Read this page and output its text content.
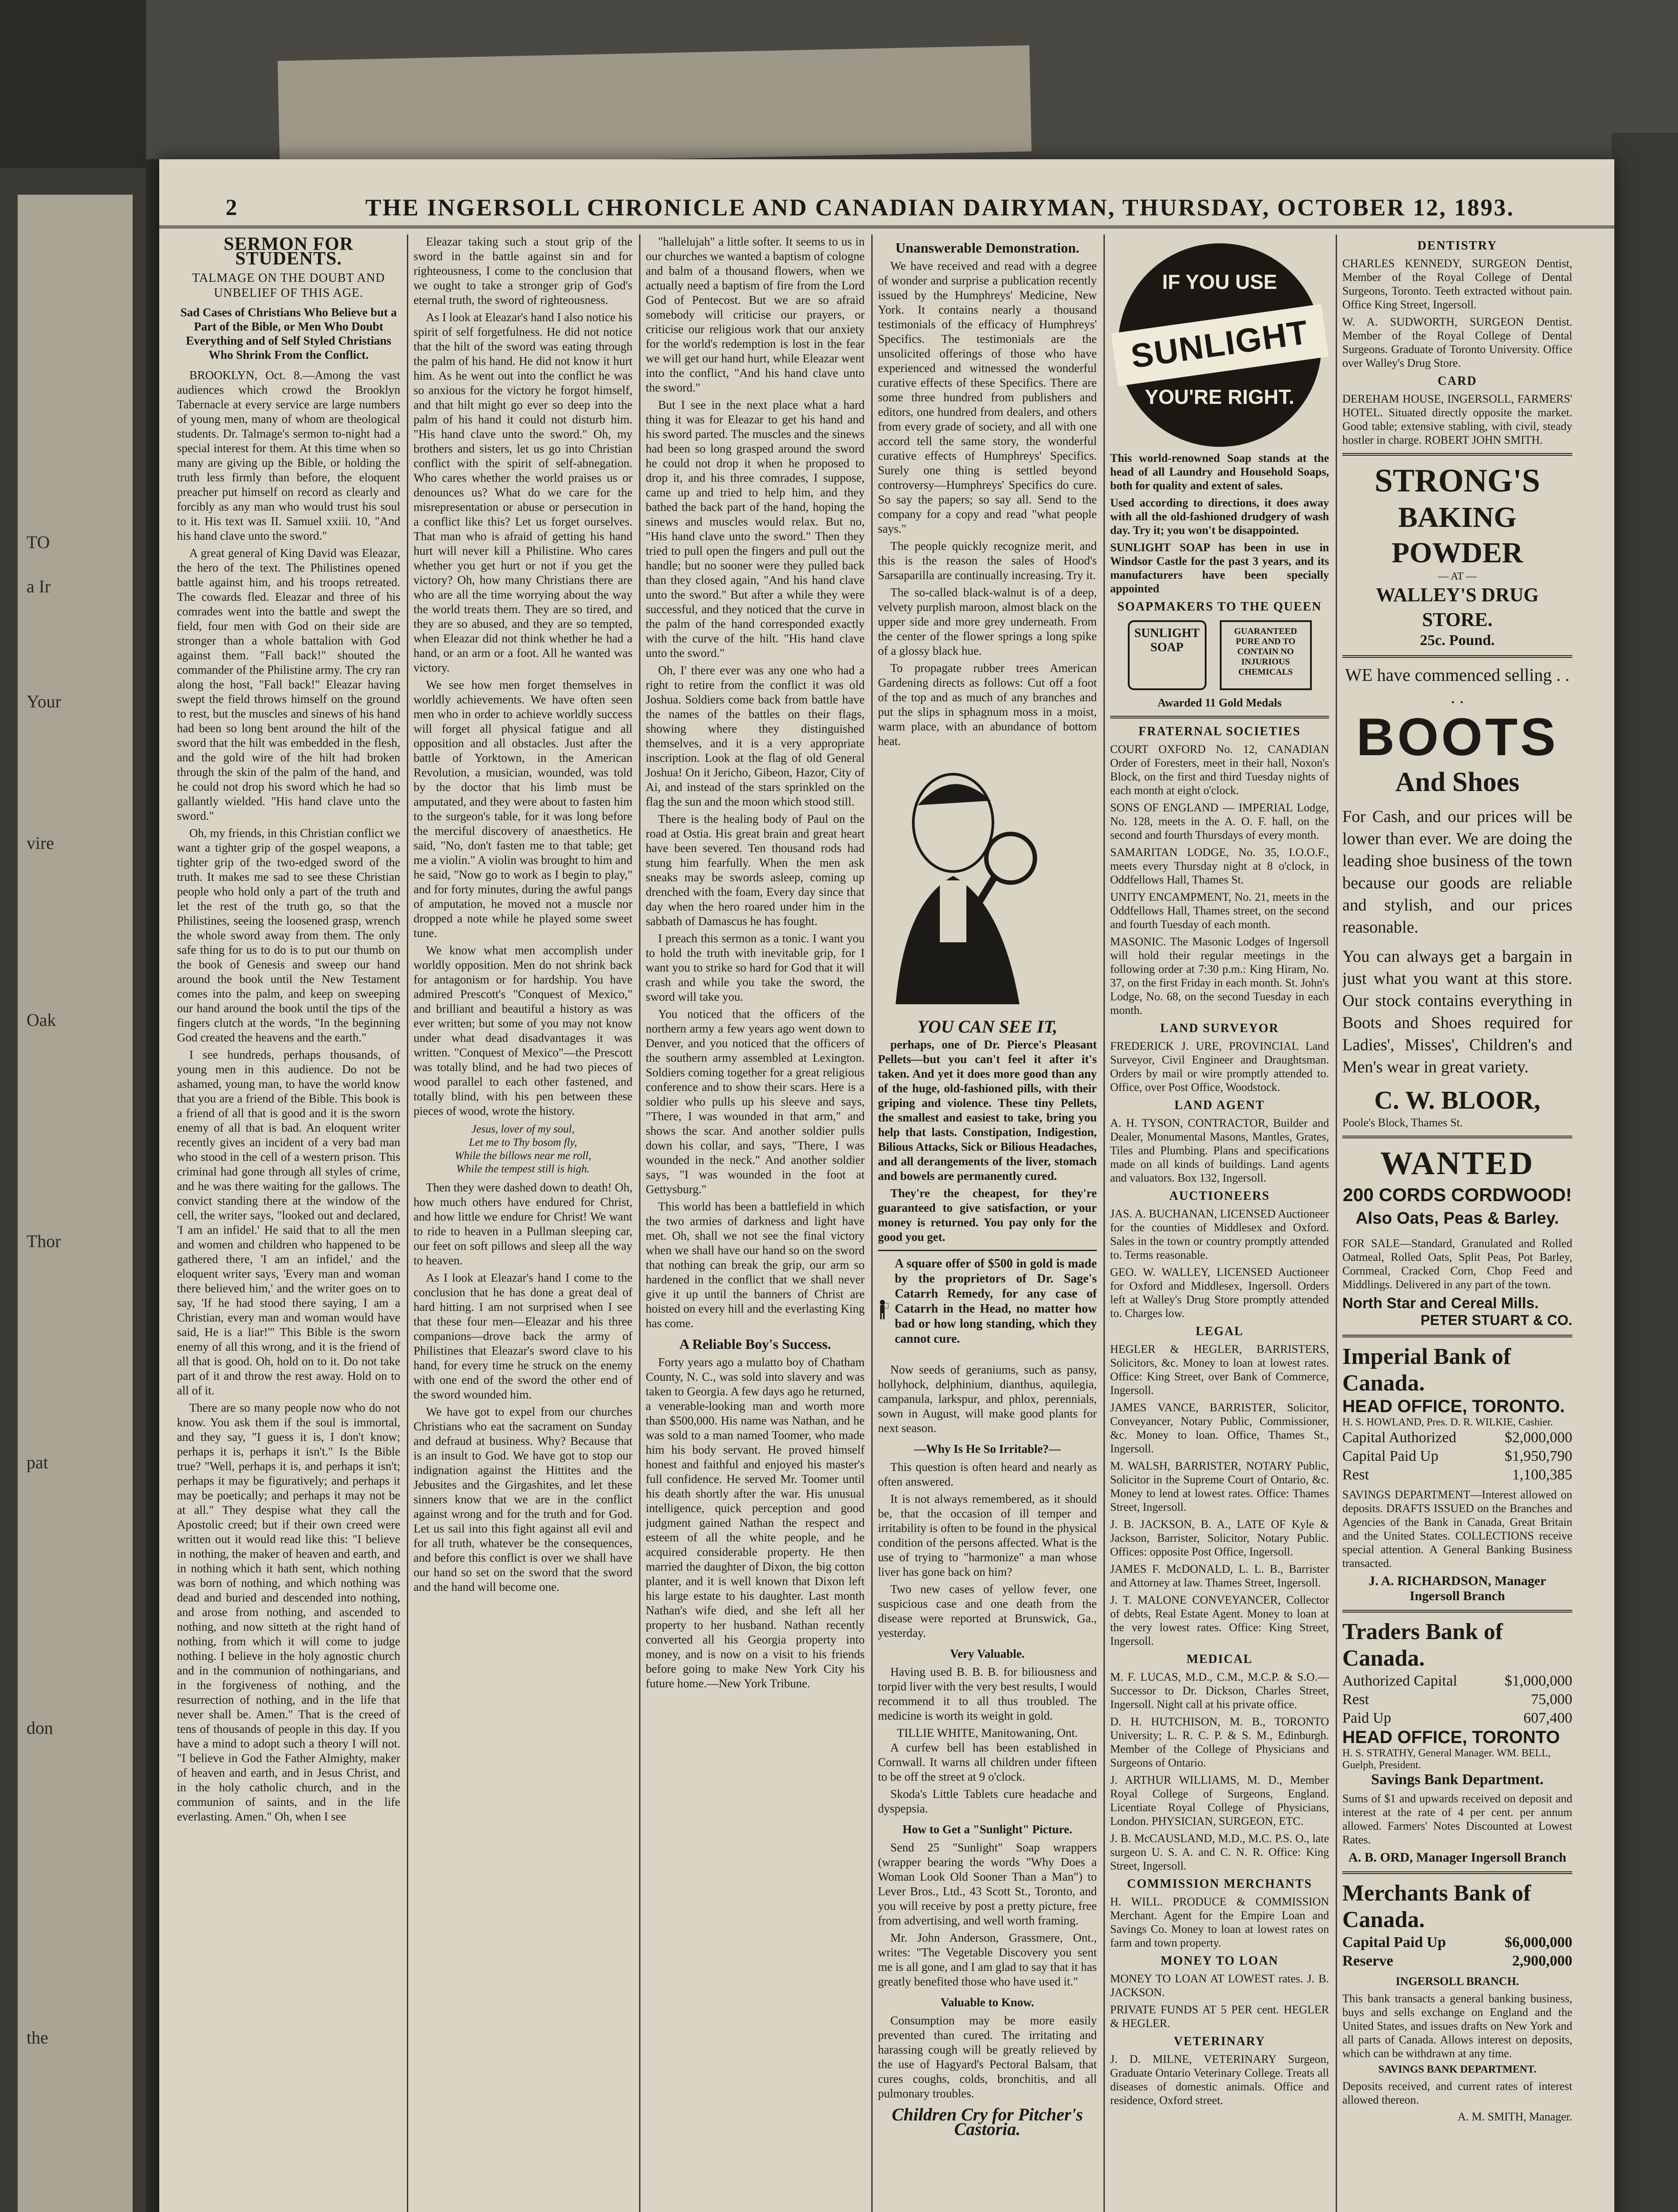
TO
a Ir
Your
vire
Oak
Thor
pat
don
the
2	THE INGERSOLL CHRONICLE AND CANADIAN DAIRYMAN, THURSDAY, OCTOBER 12, 1893.
SERMON FOR STUDENTS.
TALMAGE ON THE DOUBT AND UNBELIEF OF THIS AGE.
Sad Cases of Christians Who Believe but a Part of the Bible, or Men Who Doubt Everything and of Self Styled Christians Who Shrink From the Conflict.

BROOKLYN, Oct. 8.—Among the vast audiences which crowd the Brooklyn Tabernacle at every service are large numbers of young men, many of whom are theological students. Dr. Talmage's sermon to-night had a special interest for them. At this time when so many are giving up the Bible, or holding the truth less firmly than before, the eloquent preacher put himself on record as clearly and forcibly as any man who would trust his soul to it. His text was II. Samuel xxiii. 10, "And his hand clave unto the sword."

A great general of King David was Eleazar, the hero of the text. The Philistines opened battle against him, and his troops retreated. The cowards fled. Eleazar and three of his comrades went into the battle and swept the field, four men with God on their side are stronger than a whole battalion with God against them. "Fall back!" shouted the commander of the Philistine army. The cry ran along the host, "Fall back!" Eleazar having swept the field throws himself on the ground to rest, but the muscles and sinews of his hand had been so long bent around the hilt of the sword that the hilt was embedded in the flesh, and the gold wire of the hilt had broken through the skin of the palm of the hand, and he could not drop his sword which he had so gallantly wielded. "His hand clave unto the sword."

Oh, my friends, in this Christian conflict we want a tighter grip of the gospel weapons, a tighter grip of the two-edged sword of the truth. It makes me sad to see these Christian people who hold only a part of the truth and let the rest of the truth go, so that the Philistines, seeing the loosened grasp, wrench the whole sword away from them. The only safe thing for us to do is to put our thumb on the book of Genesis and sweep our hand around the book until the New Testament comes into the palm, and keep on sweeping our hand around the book until the tips of the fingers clutch at the words, "In the beginning God created the heavens and the earth."

I see hundreds, perhaps thousands, of young men in this audience. Do not be ashamed, young man, to have the world know that you are a friend of the Bible. This book is a friend of all that is good and it is the sworn enemy of all that is bad. An eloquent writer recently gives an incident of a very bad man who stood in the cell of a western prison. This criminal had gone through all styles of crime, and he was there waiting for the gallows. The convict standing there at the window of the cell, the writer says, "looked out and declared, 'I am an infidel.' He said that to all the men and women and children who happened to be gathered there, 'I am an infidel,' and the eloquent writer says, 'Every man and woman there believed him,' and the writer goes on to say, 'If he had stood there saying, I am a Christian, every man and woman would have said, He is a liar!'" This Bible is the sworn enemy of all this wrong, and it is the friend of all that is good. Oh, hold on to it. Do not take part of it and throw the rest away. Hold on to all of it.

There are so many people now who do not know. You ask them if the soul is immortal, and they say, "I guess it is, I don't know; perhaps it is, perhaps it isn't." Is the Bible true? "Well, perhaps it is, and perhaps it isn't; perhaps it may be figuratively; and perhaps it may be poetically; and perhaps it may not be at all." They despise what they call the Apostolic creed; but if their own creed were written out it would read like this: "I believe in nothing, the maker of heaven and earth, and in nothing which it hath sent, which nothing was born of nothing, and which nothing was dead and buried and descended into nothing, and arose from nothing, and ascended to nothing, and now sitteth at the right hand of nothing, from which it will come to judge nothing. I believe in the holy agnostic church and in the communion of nothingarians, and in the forgiveness of nothing, and the resurrection of nothing, and in the life that never shall be. Amen." That is the creed of tens of thousands of people in this day. If you have a mind to adopt such a theory I will not. "I believe in God the Father Almighty, maker of heaven and earth, and in Jesus Christ, and in the holy catholic church, and in the communion of saints, and in the life everlasting. Amen." Oh, when I see

Eleazar taking such a stout grip of the sword in the battle against sin and for righteousness, I come to the conclusion that we ought to take a stronger grip of God's eternal truth, the sword of righteousness.

As I look at Eleazar's hand I also notice his spirit of self forgetfulness. He did not notice that the hilt of the sword was eating through the palm of his hand. He did not know it hurt him. As he went out into the conflict he was so anxious for the victory he forgot himself, and that hilt might go ever so deep into the palm of his hand it could not disturb him. "His hand clave unto the sword." Oh, my brothers and sisters, let us go into Christian conflict with the spirit of self-abnegation. Who cares whether the world praises us or denounces us? What do we care for the misrepresentation or abuse or persecution in a conflict like this? Let us forget ourselves. That man who is afraid of getting his hand hurt will never kill a Philistine. Who cares whether you get hurt or not if you get the victory? Oh, how many Christians there are who are all the time worrying about the way the world treats them. They are so tired, and they are so abused, and they are so tempted, when Eleazar did not think whether he had a hand, or an arm or a foot. All he wanted was victory.

We see how men forget themselves in worldly achievements. We have often seen men who in order to achieve worldly success will forget all physical fatigue and all opposition and all obstacles. Just after the battle of Yorktown, in the American Revolution, a musician, wounded, was told by the doctor that his limb must be amputated, and they were about to fasten him to the surgeon's table, for it was long before the merciful discovery of anaesthetics. He said, "No, don't fasten me to that table; get me a violin." A violin was brought to him and he said, "Now go to work as I begin to play," and for forty minutes, during the awful pangs of amputation, he moved not a muscle nor dropped a note while he played some sweet tune.

We know what men accomplish under worldly opposition. Men do not shrink back for antagonism or for hardship. You have admired Prescott's "Conquest of Mexico," and brilliant and beautiful a history as was ever written; but some of you may not know under what dead disadvantages it was written. "Conquest of Mexico"—the Prescott was totally blind, and he had two pieces of wood parallel to each other fastened, and totally blind, with his pen between these pieces of wood, wrote the history.

Jesus, lover of my soul,
Let me to Thy bosom fly,
While the billows near me roll,
While the tempest still is high.

Then they were dashed down to death! Oh, how much others have endured for Christ, and how little we endure for Christ! We want to ride to heaven in a Pullman sleeping car, our feet on soft pillows and sleep all the way to heaven.

As I look at Eleazar's hand I come to the conclusion that he has done a great deal of hard hitting. I am not surprised when I see that these four men—Eleazar and his three companions—drove back the army of Philistines that Eleazar's sword clave to his hand, for every time he struck on the enemy with one end of the sword the other end of the sword wounded him.

We have got to expel from our churches Christians who eat the sacrament on Sunday and defraud at business. Why? Because that is an insult to God. We have got to stop our indignation against the Hittites and the Jebusites and the Girgashites, and let these sinners know that we are in the conflict against wrong and for the truth and for God. Let us sail into this fight against all evil and for all truth, whatever be the consequences, and before this conflict is over we shall have our hand so set on the sword that the sword and the hand will become one.

"hallelujah" a little softer. It seems to us in our churches we wanted a baptism of cologne and balm of a thousand flowers, when we actually need a baptism of fire from the Lord God of Pentecost. But we are so afraid somebody will criticise our prayers, or criticise our religious work that our anxiety for the world's redemption is lost in the fear we will get our hand hurt, while Eleazar went into the conflict, "And his hand clave unto the sword."

But I see in the next place what a hard thing it was for Eleazar to get his hand and his sword parted. The muscles and the sinews had been so long grasped around the sword he could not drop it when he proposed to drop it, and his three comrades, I suppose, came up and tried to help him, and they bathed the back part of the hand, hoping the sinews and muscles would relax. But no, "His hand clave unto the sword." Then they tried to pull open the fingers and pull out the handle; but no sooner were they pulled back than they closed again, "And his hand clave unto the sword." But after a while they were successful, and they noticed that the curve in the palm of the hand corresponded exactly with the curve of the hilt. "His hand clave unto the sword."

Oh, I' there ever was any one who had a right to retire from the conflict it was old Joshua. Soldiers come back from battle have the names of the battles on their flags, showing where they distinguished themselves, and it is a very appropriate inscription. Look at the flag of old General Joshua! On it Jericho, Gibeon, Hazor, City of Ai, and instead of the stars sprinkled on the flag the sun and the moon which stood still.

There is the healing body of Paul on the road at Ostia. His great brain and great heart have been severed. Ten thousand rods had stung him fearfully. When the men ask sneaks may be swords asleep, coming up drenched with the foam, Every day since that day when the hero roared under him in the sabbath of Damascus he has fought.

I preach this sermon as a tonic. I want you to hold the truth with inevitable grip, for I want you to strike so hard for God that it will crash and while you take the sword, the sword will take you.

You noticed that the officers of the northern army a few years ago went down to Denver, and you noticed that the officers of the southern army assembled at Lexington. Soldiers coming together for a great religious conference and to show their scars. Here is a soldier who pulls up his sleeve and says, "There, I was wounded in that arm," and shows the scar. And another soldier pulls down his collar, and says, "There, I was wounded in the neck." And another soldier says, "I was wounded in the foot at Gettysburg."

This world has been a battlefield in which the two armies of darkness and light have met. Oh, shall we not see the final victory when we shall have our hand so on the sword that nothing can break the grip, our arm so hardened in the conflict that we shall never give it up until the banners of Christ are hoisted on every hill and the everlasting King has come.

A Reliable Boy's Success.

Forty years ago a mulatto boy of Chatham County, N. C., was sold into slavery and was taken to Georgia. A few days ago he returned, a venerable-looking man and worth more than $500,000. His name was Nathan, and he was sold to a man named Toomer, who made him his body servant. He proved himself honest and faithful and enjoyed his master's full confidence. He served Mr. Toomer until his death shortly after the war. His unusual intelligence, quick perception and good judgment gained Nathan the respect and esteem of all the white people, and he acquired considerable property. He then married the daughter of Dixon, the big cotton planter, and it is well known that Dixon left his large estate to his daughter. Last month Nathan's wife died, and she left all her property to her husband. Nathan recently converted all his Georgia property into money, and is now on a visit to his friends before going to make New York City his future home.—New York Tribune.

Unanswerable Demonstration.

We have received and read with a degree of wonder and surprise a publication recently issued by the Humphreys' Medicine, New York. It contains nearly a thousand testimonials of the efficacy of Humphreys' Specifics. The testimonials are the unsolicited offerings of those who have experienced and witnessed the wonderful curative effects of these Specifics. There are some three hundred from publishers and editors, one hundred from dealers, and others from every grade of society, and all with one accord tell the same story, the wonderful curative effects of Humphreys' Specifics. Surely one thing is settled beyond controversy—Humphreys' Specifics do cure. So say the papers; so say all. Send to the company for a copy and read "what people says."

The people quickly recognize merit, and this is the reason the sales of Hood's Sarsaparilla are continually increasing. Try it.

The so-called black-walnut is of a deep, velvety purplish maroon, almost black on the upper side and more grey underneath. From the center of the flower springs a long spike of a glossy black hue.

To propagate rubber trees American Gardening directs as follows: Cut off a foot of the top and as much of any branches and put the slips in sphagnum moss in a moist, warm place, with an abundance of bottom heat.

YOU CAN SEE IT,

perhaps, one of Dr. Pierce's Pleasant Pellets—but you can't feel it after it's taken. And yet it does more good than any of the huge, old-fashioned pills, with their griping and violence. These tiny Pellets, the smallest and easiest to take, bring you help that lasts. Constipation, Indigestion, Bilious Attacks, Sick or Bilious Headaches, and all derangements of the liver, stomach and bowels are permanently cured.

They're the cheapest, for they're guaranteed to give satisfaction, or your money is returned. You pay only for the good you get.

A square offer of $500 in gold is made by the proprietors of Dr. Sage's Catarrh Remedy, for any case of Catarrh in the Head, no matter how bad or how long standing, which they cannot cure.

Now seeds of geraniums, such as pansy, hollyhock, delphinium, dianthus, aquilegia, campanula, larkspur, and phlox, perennials, sown in August, will make good plants for next season.

—Why Is He So Irritable?—

This question is often heard and nearly as often answered.

It is not always remembered, as it should be, that the occasion of ill temper and irritability is often to be found in the physical condition of the persons affected. What is the use of trying to "harmonize" a man whose liver has gone back on him?

Two new cases of yellow fever, one suspicious case and one death from the disease were reported at Brunswick, Ga., yesterday.

Very Valuable.

Having used B. B. B. for biliousness and torpid liver with the very best results, I would recommend it to all thus troubled. The medicine is worth its weight in gold.

TILLIE WHITE, Manitowaning, Ont.

A curfew bell has been established in Cornwall. It warns all children under fifteen to be off the street at 9 o'clock.

Skoda's Little Tablets cure headache and dyspepsia.

How to Get a "Sunlight" Picture.

Send 25 "Sunlight" Soap wrappers (wrapper bearing the words "Why Does a Woman Look Old Sooner Than a Man") to Lever Bros., Ltd., 43 Scott St., Toronto, and you will receive by post a pretty picture, free from advertising, and well worth framing.

Mr. John Anderson, Grassmere, Ont., writes: "The Vegetable Discovery you sent me is all gone, and I am glad to say that it has greatly benefited those who have used it."

Valuable to Know.

Consumption may be more easily prevented than cured. The irritating and harassing cough will be greatly relieved by the use of Hagyard's Pectoral Balsam, that cures coughs, colds, bronchitis, and all pulmonary troubles.

Children Cry for Pitcher's Castoria.
IF YOU USE
SUNLIGHT
YOU'RE RIGHT.
This world-renowned Soap stands at the head of all Laundry and Household Soaps, both for quality and extent of sales.
Used according to directions, it does away with all the old-fashioned drudgery of wash day. Try it; you won't be disappointed.
SUNLIGHT SOAP has been in use in Windsor Castle for the past 3 years, and its manufacturers have been specially appointed
SOAPMAKERS TO THE QUEEN
SUNLIGHT SOAP
GUARANTEED PURE AND TO CONTAIN NO INJURIOUS CHEMICALS
Awarded 11 Gold Medals
FRATERNAL SOCIETIES
COURT OXFORD No. 12, CANADIAN Order of Foresters, meet in their hall, Noxon's Block, on the first and third Tuesday nights of each month at eight o'clock.
SONS OF ENGLAND — IMPERIAL Lodge, No. 128, meets in the A. O. F. hall, on the second and fourth Thursdays of every month.
SAMARITAN LODGE, No. 35, I.O.O.F., meets every Thursday night at 8 o'clock, in Oddfellows Hall, Thames St.
UNITY ENCAMPMENT, No. 21, meets in the Oddfellows Hall, Thames street, on the second and fourth Tuesday of each month.
MASONIC. The Masonic Lodges of Ingersoll will hold their regular meetings in the following order at 7:30 p.m.: King Hiram, No. 37, on the first Friday in each month. St. John's Lodge, No. 68, on the second Tuesday in each month.
LAND SURVEYOR
FREDERICK J. URE, PROVINCIAL Land Surveyor, Civil Engineer and Draughtsman. Orders by mail or wire promptly attended to. Office, over Post Office, Woodstock.
LAND AGENT
A. H. TYSON, CONTRACTOR, Builder and Dealer, Monumental Masons, Mantles, Grates, Tiles and Plumbing. Plans and specifications made on all kinds of buildings. Land agents and valuators. Box 132, Ingersoll.
AUCTIONEERS
JAS. A. BUCHANAN, LICENSED Auctioneer for the counties of Middlesex and Oxford. Sales in the town or country promptly attended to. Terms reasonable.
GEO. W. WALLEY, LICENSED Auctioneer for Oxford and Middlesex, Ingersoll. Orders left at Walley's Drug Store promptly attended to. Charges low.
LEGAL
HEGLER & HEGLER, BARRISTERS, Solicitors, &c. Money to loan at lowest rates. Office: King Street, over Bank of Commerce, Ingersoll.
JAMES VANCE, BARRISTER, Solicitor, Conveyancer, Notary Public, Commissioner, &c. Money to loan. Office, Thames St., Ingersoll.
M. WALSH, BARRISTER, NOTARY Public, Solicitor in the Supreme Court of Ontario, &c. Money to lend at lowest rates. Office: Thames Street, Ingersoll.
J. B. JACKSON, B. A., LATE OF Kyle & Jackson, Barrister, Solicitor, Notary Public. Offices: opposite Post Office, Ingersoll.
JAMES F. McDONALD, L. L. B., Barrister and Attorney at law. Thames Street, Ingersoll.
J. T. MALONE CONVEYANCER, Collector of debts, Real Estate Agent. Money to loan at the very lowest rates. Office: King Street, Ingersoll.
MEDICAL
M. F. LUCAS, M.D., C.M., M.C.P. & S.O.—Successor to Dr. Dickson, Charles Street, Ingersoll. Night call at his private office.
D. H. HUTCHISON, M. B., TORONTO University; L. R. C. P. & S. M., Edinburgh. Member of the College of Physicians and Surgeons of Ontario.
J. ARTHUR WILLIAMS, M. D., Member Royal College of Surgeons, England. Licentiate Royal College of Physicians, London. PHYSICIAN, SURGEON, ETC.
J. B. McCAUSLAND, M.D., M.C. P.S. O., late surgeon U. S. A. and C. N. R. Office: King Street, Ingersoll.
COMMISSION MERCHANTS
H. WILL. PRODUCE & COMMISSION Merchant. Agent for the Empire Loan and Savings Co. Money to loan at lowest rates on farm and town property.
MONEY TO LOAN
MONEY TO LOAN AT LOWEST rates. J. B. JACKSON.
PRIVATE FUNDS AT 5 PER cent. HEGLER & HEGLER.
VETERINARY
J. D. MILNE, VETERINARY Surgeon, Graduate Ontario Veterinary College. Treats all diseases of domestic animals. Office and residence, Oxford street.
DENTISTRY
CHARLES KENNEDY, SURGEON Dentist, Member of the Royal College of Dental Surgeons, Toronto. Teeth extracted without pain. Office King Street, Ingersoll.
W. A. SUDWORTH, SURGEON Dentist. Member of the Royal College of Dental Surgeons. Graduate of Toronto University. Office over Walley's Drug Store.
CARD
DEREHAM HOUSE, INGERSOLL, FARMERS' HOTEL. Situated directly opposite the market. Good table; extensive stabling, with civil, steady hostler in charge. ROBERT JOHN SMITH.
STRONG'S
BAKING POWDER
— AT —
WALLEY'S DRUG STORE.
25c. Pound.
WE have commenced selling . . . .
BOOTS
And Shoes
For Cash, and our prices will be lower than ever. We are doing the leading shoe business of the town because our goods are reliable and stylish, and our prices reasonable.
You can always get a bargain in just what you want at this store. Our stock contains everything in Boots and Shoes required for Ladies', Misses', Children's and Men's wear in great variety.
C. W. BLOOR,
Poole's Block, Thames St.
WANTED
200 CORDS CORDWOOD!
Also Oats, Peas & Barley.
FOR SALE—Standard, Granulated and Rolled Oatmeal, Rolled Oats, Split Peas, Pot Barley, Cornmeal, Cracked Corn, Chop Feed and Middlings. Delivered in any part of the town.
North Star and Cereal Mills.
PETER STUART & CO.
Imperial Bank of Canada.
HEAD OFFICE, TORONTO.
H. S. HOWLAND, Pres. D. R. WILKIE, Cashier.
Capital Authorized	$2,000,000
Capital Paid Up	$1,950,790
Rest	1,100,385
SAVINGS DEPARTMENT—Interest allowed on deposits. DRAFTS ISSUED on the Branches and Agencies of the Bank in Canada, Great Britain and the United States. COLLECTIONS receive special attention. A General Banking Business transacted.
J. A. RICHARDSON, Manager Ingersoll Branch
Traders Bank of Canada.
Authorized Capital	$1,000,000
Rest	75,000
Paid Up	607,400
HEAD OFFICE, TORONTO
H. S. STRATHY, General Manager. WM. BELL, Guelph, President.
Savings Bank Department.
Sums of $1 and upwards received on deposit and interest at the rate of 4 per cent. per annum allowed. Farmers' Notes Discounted at Lowest Rates.
A. B. ORD, Manager Ingersoll Branch
Merchants Bank of Canada.
Capital Paid Up	$6,000,000
Reserve	2,900,000
INGERSOLL BRANCH.
This bank transacts a general banking business, buys and sells exchange on England and the United States, and issues drafts on New York and all parts of Canada. Allows interest on deposits, which can be withdrawn at any time.
SAVINGS BANK DEPARTMENT.
Deposits received, and current rates of interest allowed thereon.
A. M. SMITH, Manager.
